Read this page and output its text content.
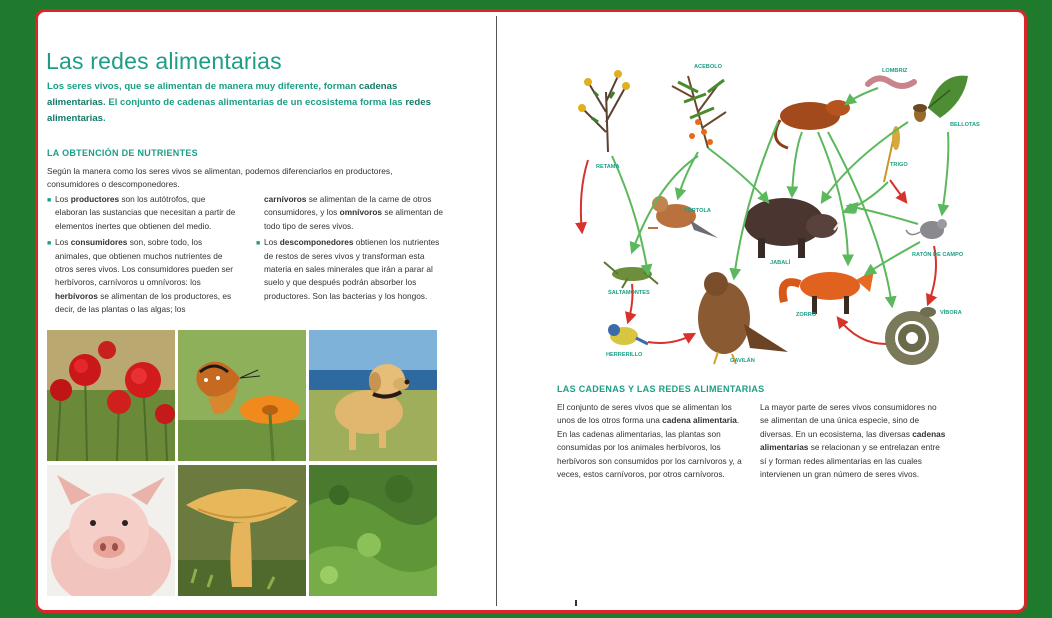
Las redes alimentarias

Los seres vivos, que se alimentan de manera muy diferente, forman cadenas alimentarias. El conjunto de cadenas alimentarias de un ecosistema forma las redes alimentarias.

LA OBTENCIÓN DE NUTRIENTES

Según la manera como los seres vivos se alimentan, podemos diferenciarlos en productores, consumidores o descomponedores.

■ Los productores son los autótrofos, que elaboran las sustancias que necesitan a partir de elementos inertes que obtienen del medio.
■ Los consumidores son, sobre todo, los animales, que obtienen muchos nutrientes de otros seres vivos. Los consumidores pueden ser herbívoros, carnívoros u omnívoros: los herbívoros se alimentan de los productores, es decir, de las plantas o las algas; los

carnívoros se alimentan de la carne de otros consumidores, y los omnívoros se alimentan de todo tipo de seres vivos.

■ Los descomponedores obtienen los nutrientes de restos de seres vivos y transforman esta materia en sales minerales que irán a parar al suelo y que después podrán absorber los productores. Son las bacterias y los hongos.
RETAMA
ACEBOLO
LOMBRIZ
BELLOTAS
TRIGO
TÓRTOLA
JABALÍ
RATÓN DE CAMPO
SALTAMONTES
ZORRO	VÍBORA
HERRERILLO
GAVILÁN
LAS CADENAS Y LAS REDES ALIMENTARIAS

El conjunto de seres vivos que se alimentan los unos de los otros forma una cadena alimentaria. En las cadenas alimentarias, las plantas son consumidas por los animales herbívoros, los herbívoros son consumidos por los carnívoros y, a veces, estos carnívoros, por otros carnívoros.

La mayor parte de seres vivos consumidores no se alimentan de una única especie, sino de diversas. En un ecosistema, las diversas cadenas alimentarias se relacionan y se entrelazan entre sí y forman redes alimentarias en las cuales intervienen un gran número de seres vivos.
